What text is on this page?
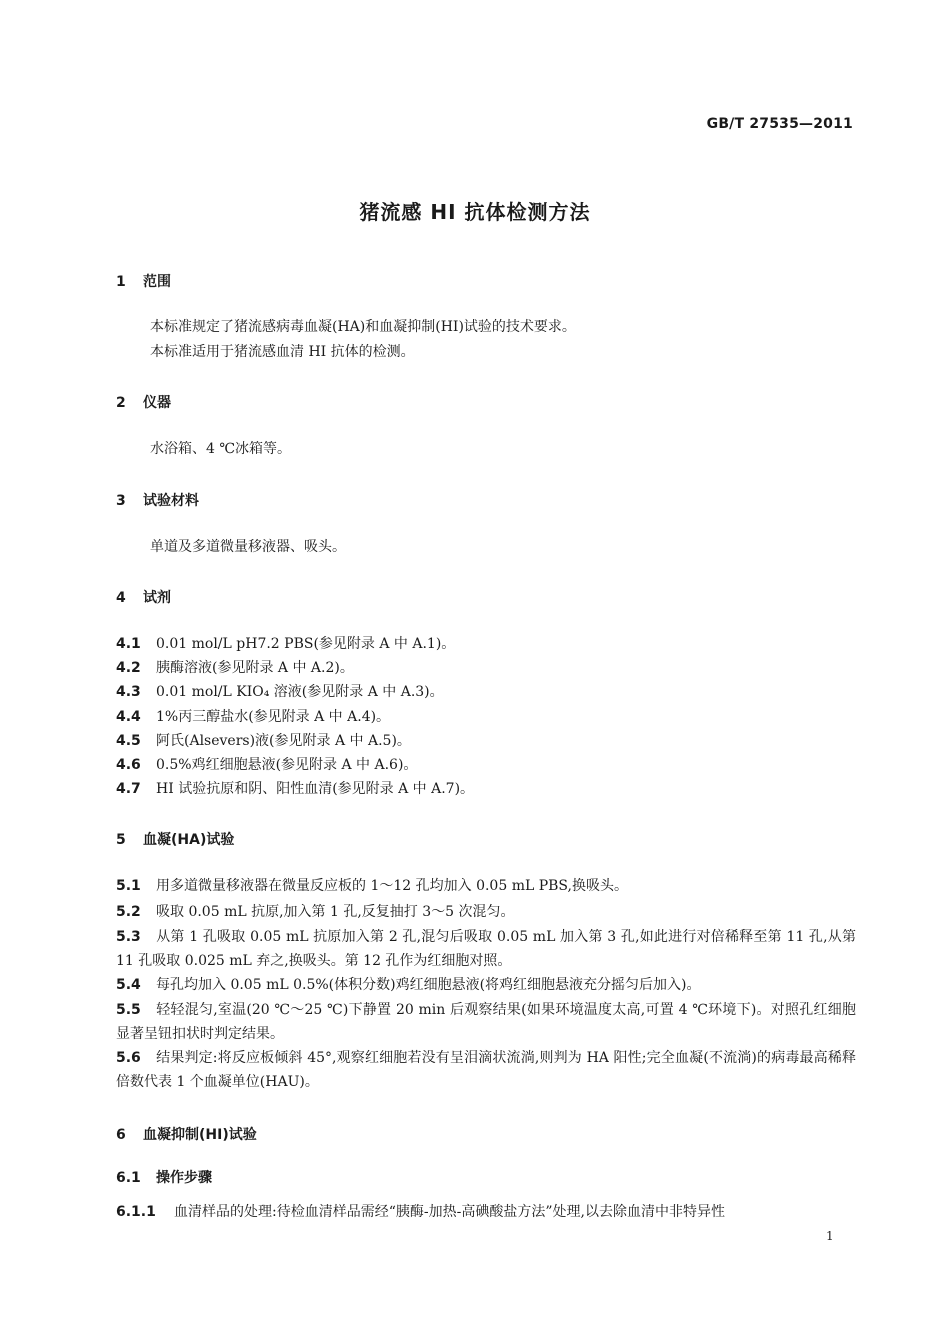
GB/T 27535—2011
猪流感 HI 抗体检测方法
1 范围
本标准规定了猪流感病毒血凝(HA)和血凝抑制(HI)试验的技术要求。
本标准适用于猪流感血清 HI 抗体的检测。
2 仪器
水浴箱、4 ℃冰箱等。
3 试验材料
单道及多道微量移液器、吸头。
4 试剂
4.1 0.01 mol/L pH7.2 PBS(参见附录 A 中 A.1)。
4.2 胰酶溶液(参见附录 A 中 A.2)。
4.3 0.01 mol/L KIO₄ 溶液(参见附录 A 中 A.3)。
4.4 1%丙三醇盐水(参见附录 A 中 A.4)。
4.5 阿氏(Alsevers)液(参见附录 A 中 A.5)。
4.6 0.5%鸡红细胞悬液(参见附录 A 中 A.6)。
4.7 HI 试验抗原和阴、阳性血清(参见附录 A 中 A.7)。
5 血凝(HA)试验
5.1 用多道微量移液器在微量反应板的 1～12 孔均加入 0.05 mL PBS,换吸头。
5.2 吸取 0.05 mL 抗原,加入第 1 孔,反复抽打 3～5 次混匀。
5.3 从第 1 孔吸取 0.05 mL 抗原加入第 2 孔,混匀后吸取 0.05 mL 加入第 3 孔,如此进行对倍稀释至第 11 孔,从第 11 孔吸取 0.025 mL 弃之,换吸头。第 12 孔作为红细胞对照。
5.4 每孔均加入 0.05 mL 0.5%(体积分数)鸡红细胞悬液(将鸡红细胞悬液充分摇匀后加入)。
5.5 轻轻混匀,室温(20 ℃～25 ℃)下静置 20 min 后观察结果(如果环境温度太高,可置 4 ℃环境下)。对照孔红细胞显著呈钮扣状时判定结果。
5.6 结果判定:将反应板倾斜 45°,观察红细胞若没有呈泪滴状流淌,则判为 HA 阳性;完全血凝(不流淌)的病毒最高稀释倍数代表 1 个血凝单位(HAU)。
6 血凝抑制(HI)试验
6.1 操作步骤
6.1.1 血清样品的处理:待检血清样品需经“胰酶-加热-高碘酸盐方法”处理,以去除血清中非特异性
1
